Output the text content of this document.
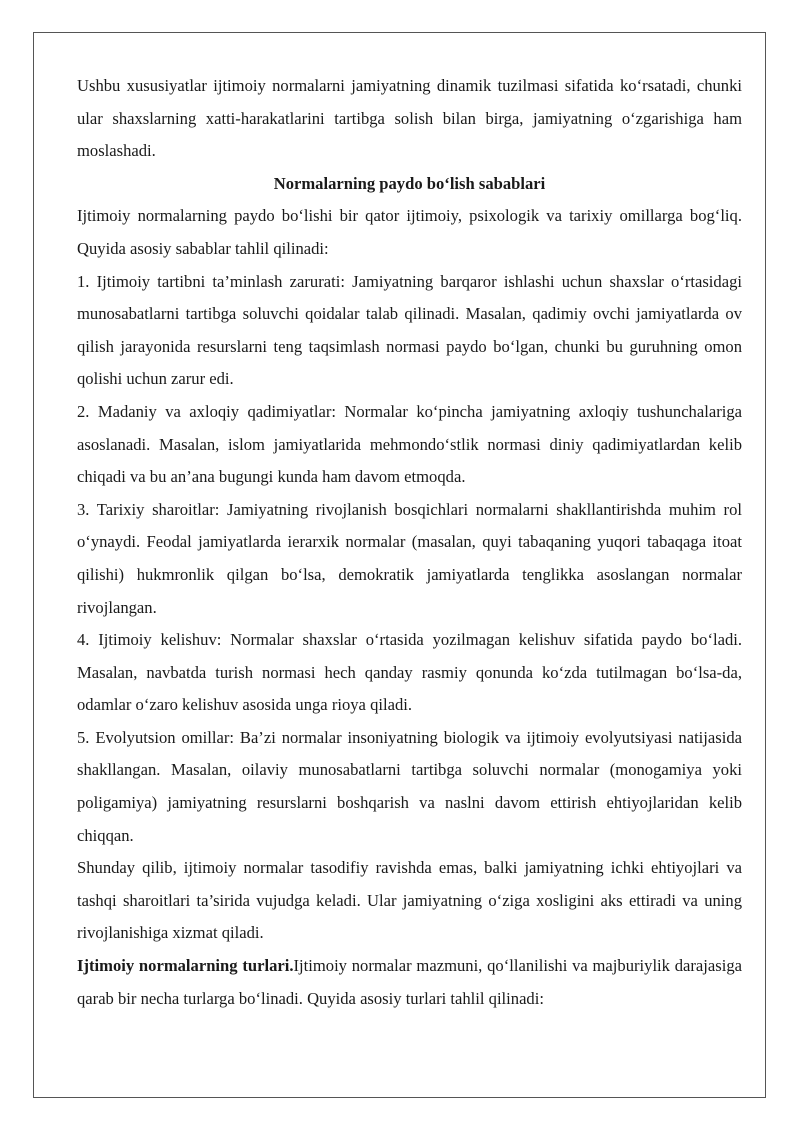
Ushbu xususiyatlar ijtimoiy normalarni jamiyatning dinamik tuzilmasi sifatida ko‘rsatadi, chunki ular shaxslarning xatti-harakatlarini tartibga solish bilan birga, jamiyatning o‘zgarishiga ham moslashadi.

Normalarning paydo bo‘lish sabablari

Ijtimoiy normalarning paydo bo‘lishi bir qator ijtimoiy, psixologik va tarixiy omillarga bog‘liq. Quyida asosiy sabablar tahlil qilinadi:

1. Ijtimoiy tartibni ta’minlash zarurati: Jamiyatning barqaror ishlashi uchun shaxslar o‘rtasidagi munosabatlarni tartibga soluvchi qoidalar talab qilinadi. Masalan, qadimiy ovchi jamiyatlarda ov qilish jarayonida resurslarni teng taqsimlash normasi paydo bo‘lgan, chunki bu guruhning omon qolishi uchun zarur edi.

2. Madaniy va axloqiy qadimiyatlar: Normalar ko‘pincha jamiyatning axloqiy tushunchalariga asoslanadi. Masalan, islom jamiyatlarida mehmondo‘stlik normasi diniy qadimiyatlardan kelib chiqadi va bu an’ana bugungi kunda ham davom etmoqda.

3. Tarixiy sharoitlar: Jamiyatning rivojlanish bosqichlari normalarni shakllantirishda muhim rol o‘ynaydi. Feodal jamiyatlarda ierarxik normalar (masalan, quyi tabaqaning yuqori tabaqaga itoat qilishi) hukmronlik qilgan bo‘lsa, demokratik jamiyatlarda tenglikka asoslangan normalar rivojlangan.

4. Ijtimoiy kelishuv: Normalar shaxslar o‘rtasida yozilmagan kelishuv sifatida paydo bo‘ladi. Masalan, navbatda turish normasi hech qanday rasmiy qonunda ko‘zda tutilmagan bo‘lsa-da, odamlar o‘zaro kelishuv asosida unga rioya qiladi.

5. Evolyutsion omillar: Ba’zi normalar insoniyatning biologik va ijtimoiy evolyutsiyasi natijasida shakllangan. Masalan, oilaviy munosabatlarni tartibga soluvchi normalar (monogamiya yoki poligamiya) jamiyatning resurslarni boshqarish va naslni davom ettirish ehtiyojlaridan kelib chiqqan.

Shunday qilib, ijtimoiy normalar tasodifiy ravishda emas, balki jamiyatning ichki ehtiyojlari va tashqi sharoitlari ta’sirida vujudga keladi. Ular jamiyatning o‘ziga xosligini aks ettiradi va uning rivojlanishiga xizmat qiladi.

Ijtimoiy normalarning turlari.Ijtimoiy normalar mazmuni, qo‘llanilishi va majburiylik darajasiga qarab bir necha turlarga bo‘linadi. Quyida asosiy turlari tahlil qilinadi:
